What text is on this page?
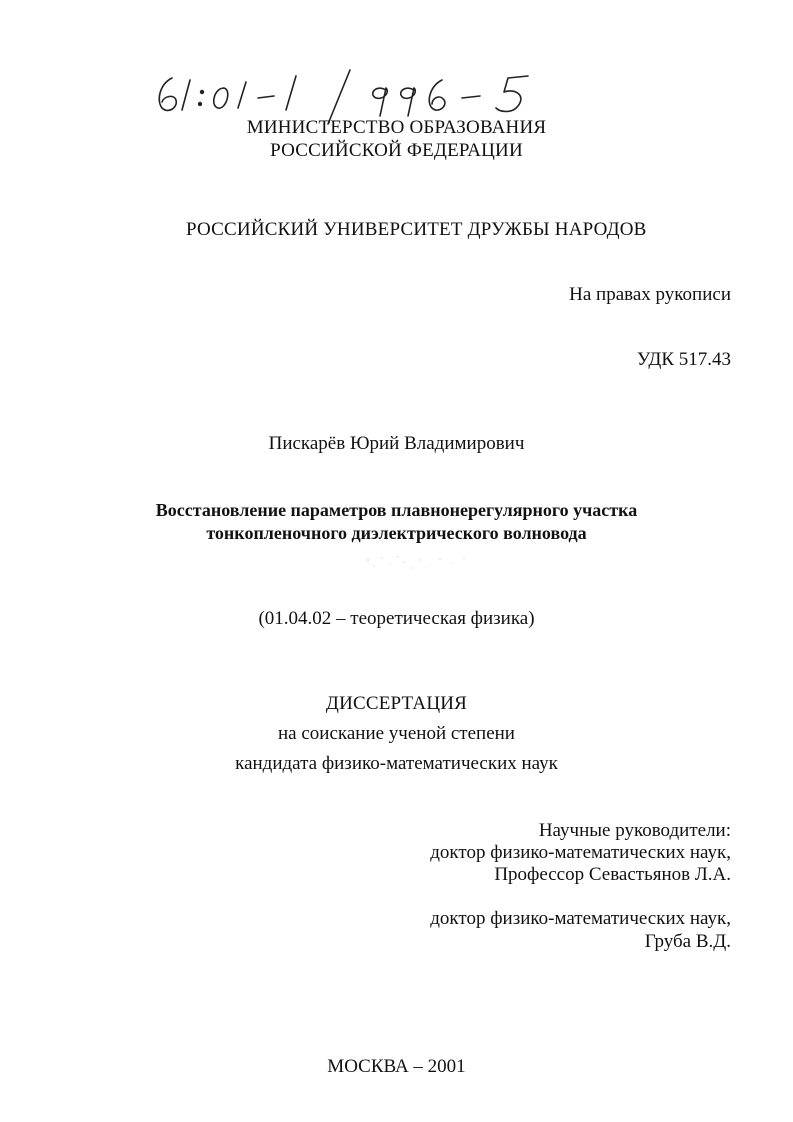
МИНИСТЕРСТВО ОБРАЗОВАНИЯ
РОССИЙСКОЙ ФЕДЕРАЦИИ
РОССИЙСКИЙ УНИВЕРСИТЕТ ДРУЖБЫ НАРОДОВ
На правах рукописи
УДК 517.43
Пискарёв Юрий Владимирович
Восстановление параметров плавнонерегулярного участка
тонкопленочного диэлектрического волновода
(01.04.02 – теоретическая физика)
ДИССЕРТАЦИЯ
на соискание ученой степени
кандидата физико-математических наук
Научные руководители:
доктор физико-математических наук,
Профессор Севастьянов Л.А.
доктор физико-математических наук,
Груба В.Д.
МОСКВА – 2001
